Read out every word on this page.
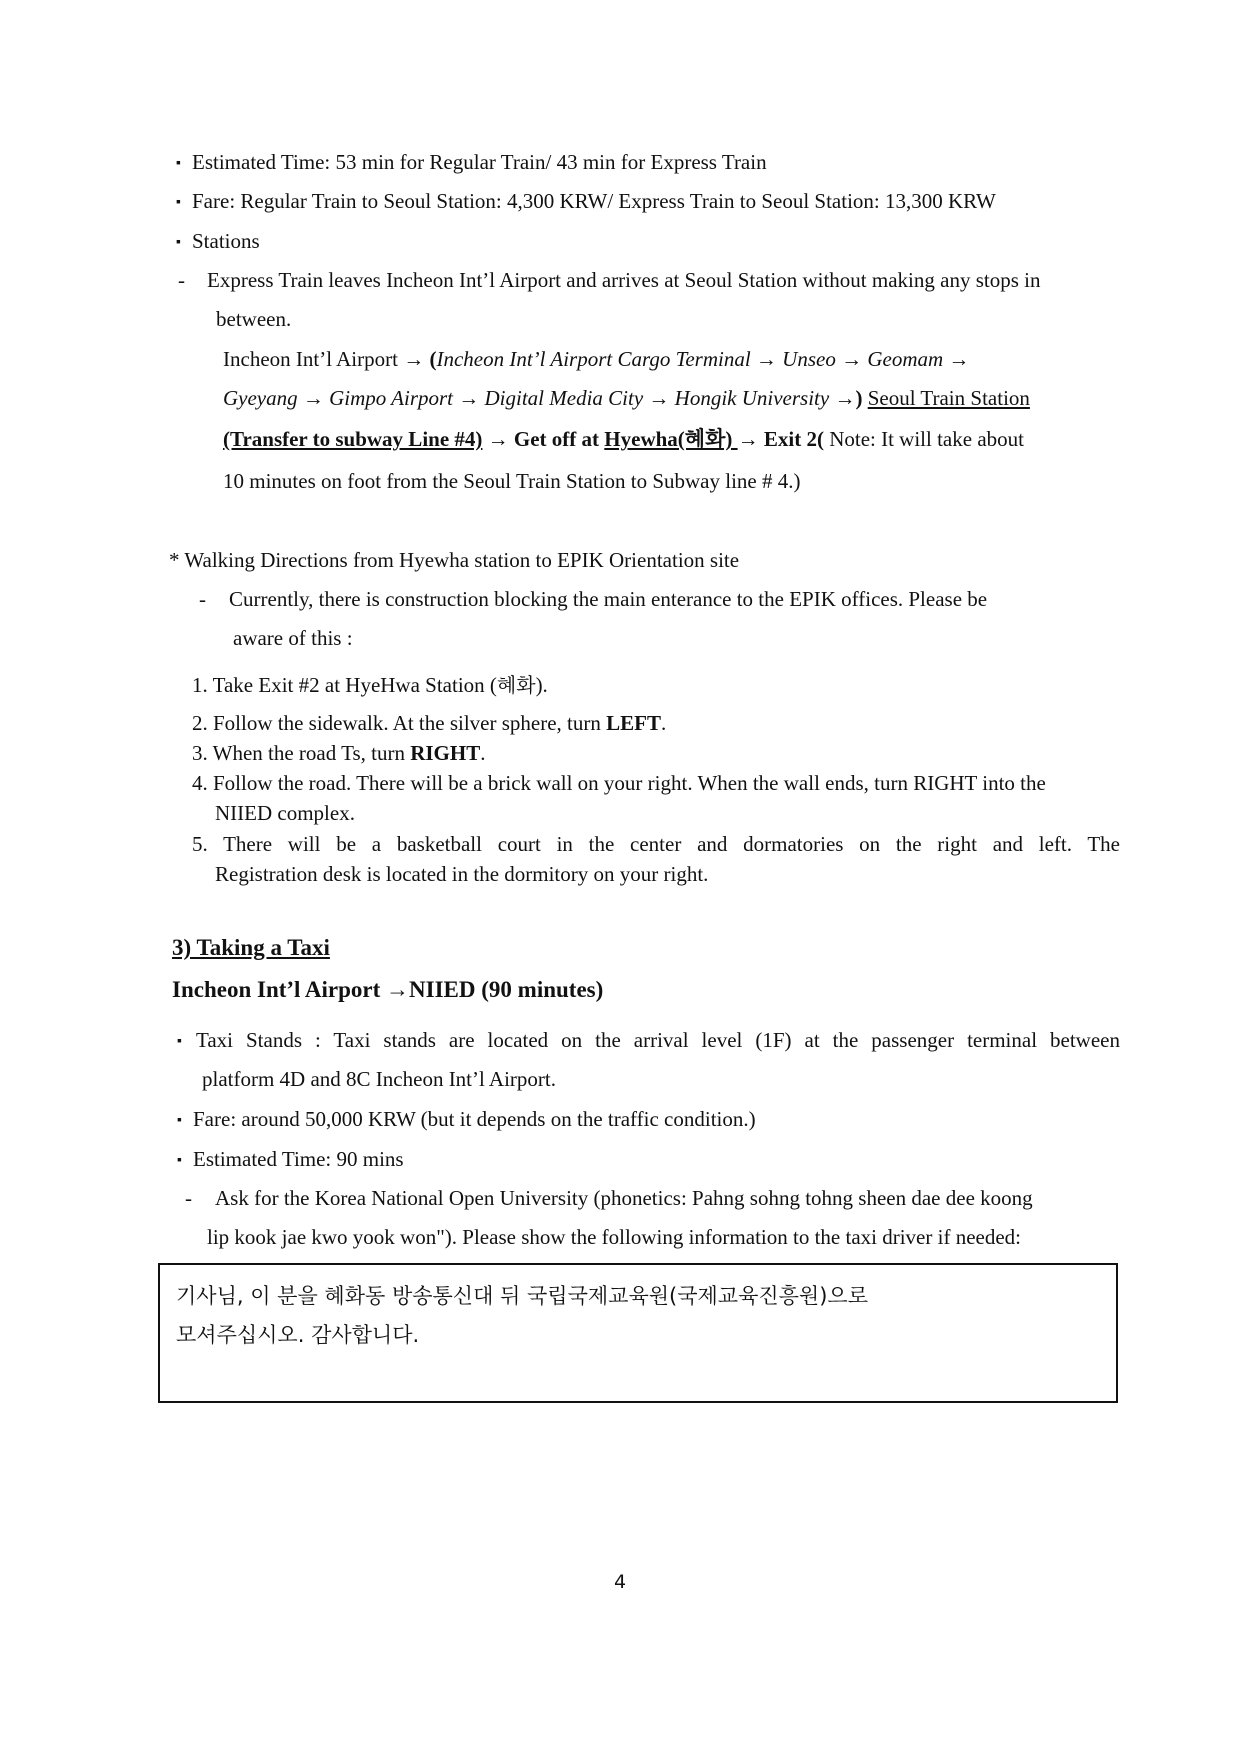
▪ Estimated Time: 53 min for Regular Train/ 43 min for Express Train
▪ Fare: Regular Train to Seoul Station: 4,300 KRW/ Express Train to Seoul Station: 13,300 KRW
▪ Stations
- Express Train leaves Incheon Int’l Airport and arrives at Seoul Station without making any stops in
between.
Incheon Int’l Airport → (Incheon Int’l Airport Cargo Terminal → Unseo → Geomam →
Gyeyang → Gimpo Airport → Digital Media City → Hongik University →) Seoul Train Station
(Transfer to subway Line #4) → Get off at Hyewha(혜화) → Exit 2( Note: It will take about
10 minutes on foot from the Seoul Train Station to Subway line # 4.)
* Walking Directions from Hyewha station to EPIK Orientation site
- Currently, there is construction blocking the main enterance to the EPIK offices. Please be
aware of this :
1. Take Exit #2 at HyeHwa Station (혜화).
2. Follow the sidewalk. At the silver sphere, turn LEFT.
3. When the road Ts, turn RIGHT.
4. Follow the road. There will be a brick wall on your right. When the wall ends, turn RIGHT into the
NIIED complex.
5. There will be a basketball court in the center and dormatories on the right and left. The
Registration desk is located in the dormitory on your right.
3) Taking a Taxi
Incheon Int’l Airport →NIIED (90 minutes)
▪ Taxi Stands : Taxi stands are located on the arrival level (1F) at the passenger terminal between
platform 4D and 8C Incheon Int’l Airport.
▪ Fare: around 50,000 KRW (but it depends on the traffic condition.)
▪ Estimated Time: 90 mins
- Ask for the Korea National Open University (phonetics: Pahng sohng tohng sheen dae dee koong
lip kook jae kwo yook won"). Please show the following information to the taxi driver if needed:
기사님, 이 분을 혜화동 방송통신대 뒤 국립국제교육원(국제교육진흥원)으로
모셔주십시오. 감사합니다.
4
